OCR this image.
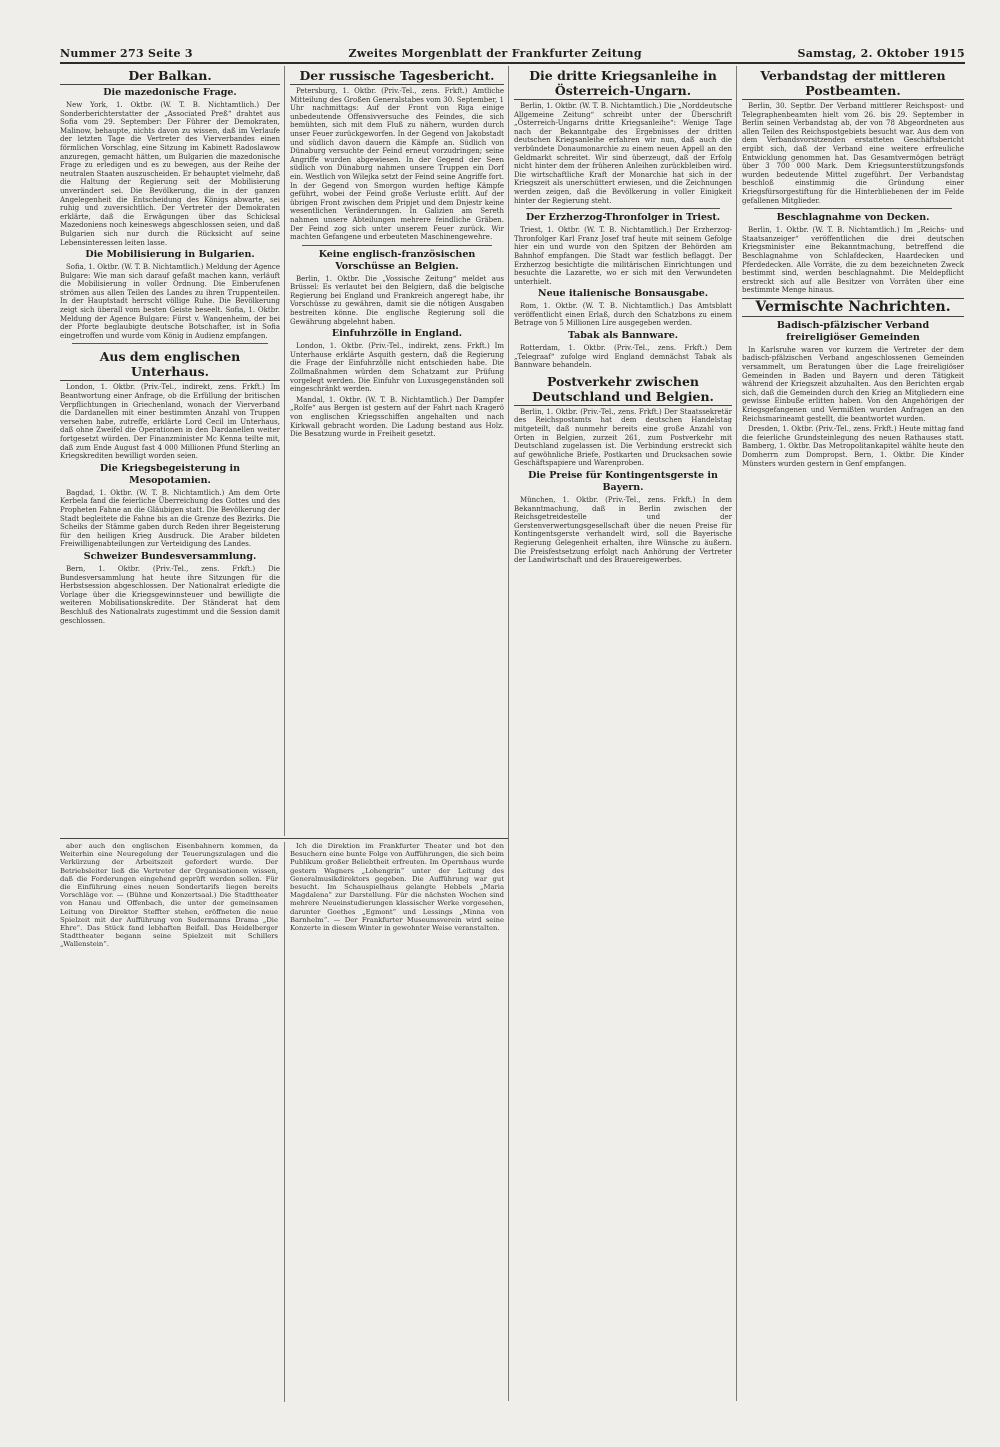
Nummer 273 Seite 3	Zweites Morgenblatt der Frankfurter Zeitung	Samstag, 2. Oktober 1915
Der Balkan.
Die mazedonische Frage.

New York, 1. Oktbr. (W. T. B. Nichtamtlich.) Der Sonderberichterstatter der „Associated Preß“ drahtet aus Sofia vom 29. September: Der Führer der Demokraten, Malinow, behaupte, nichts davon zu wissen, daß im Verlaufe der letzten Tage die Vertreter des Vierverbandes einen förmlichen Vorschlag, eine Sitzung im Kabinett Radoslawow anzuregen, gemacht hätten, um Bulgarien die mazedonische Frage zu erledigen und es zu bewegen, aus der Reihe der neutralen Staaten auszuscheiden. Er behauptet vielmehr, daß die Haltung der Regierung seit der Mobilisierung unverändert sei. Die Bevölkerung, die in der ganzen Angelegenheit die Entscheidung des Königs abwarte, sei ruhig und zuversichtlich. Der Vertreter der Demokraten erklärte, daß die Erwägungen über das Schicksal Mazedoniens noch keineswegs abgeschlossen seien, und daß Bulgarien sich nur durch die Rücksicht auf seine Lebensinteressen leiten lasse.

Die Mobilisierung in Bulgarien.

Sofia, 1. Oktbr. (W. T. B. Nichtamtlich.) Meldung der Agence Bulgare: Wie man sich darauf gefaßt machen kann, verläuft die Mobilisierung in voller Ordnung. Die Einberufenen strömen aus allen Teilen des Landes zu ihren Truppenteilen. In der Hauptstadt herrscht völlige Ruhe. Die Bevölkerung zeigt sich überall vom besten Geiste beseelt. Sofia, 1. Oktbr. Meldung der Agence Bulgare: Fürst v. Wangenheim, der bei der Pforte beglaubigte deutsche Botschafter, ist in Sofia eingetroffen und wurde vom König in Audienz empfangen.

Aus dem englischen Unterhaus.

London, 1. Oktbr. (Priv.-Tel., indirekt, zens. Frkft.) Im Beantwortung einer Anfrage, ob die Erfüllung der britischen Verpflichtungen in Griechenland, wonach der Vierverband die Dardanellen mit einer bestimmten Anzahl von Truppen versehen habe, zutreffe, erklärte Lord Cecil im Unterhaus, daß ohne Zweifel die Operationen in den Dardanellen weiter fortgesetzt würden. Der Finanzminister Mc Kenna teilte mit, daß zum Ende August fast 4 000 Millionen Pfund Sterling an Kriegskrediten bewilligt worden seien.

Die Kriegsbegeisterung in Mesopotamien.

Bagdad, 1. Oktbr. (W. T. B. Nichtamtlich.) Am dem Orte Kerbela fand die feierliche Überreichung des Gottes und des Propheten Fahne an die Gläubigen statt. Die Bevölkerung der Stadt begleitete die Fahne bis an die Grenze des Bezirks. Die Scheiks der Stämme gaben durch Reden ihrer Begeisterung für den heiligen Krieg Ausdruck. Die Araber bildeten Freiwilligenabteilungen zur Verteidigung des Landes.

Schweizer Bundesversammlung.

Bern, 1. Oktbr. (Priv.-Tel., zens. Frkft.) Die Bundesversammlung hat heute ihre Sitzungen für die Herbstsession abgeschlossen. Der Nationalrat erledigte die Vorlage über die Kriegsgewinnsteuer und bewilligte die weiteren Mobilisationskredite. Der Ständerat hat dem Beschluß des Nationalrats zugestimmt und die Session damit geschlossen.

Der russische Tagesbericht.

Petersburg, 1. Oktbr. (Priv.-Tel., zens. Frkft.) Amtliche Mitteilung des Großen Generalstabes vom 30. September, 1 Uhr nachmittags: Auf der Front von Riga einige unbedeutende Offensivversuche des Feindes, die sich bemühten, sich mit dem Fluß zu nähern, wurden durch unser Feuer zurückgeworfen. In der Gegend von Jakobstadt und südlich davon dauern die Kämpfe an. Südlich von Dünaburg versuchte der Feind erneut vorzudringen; seine Angriffe wurden abgewiesen. In der Gegend der Seen südlich von Dünaburg nahmen unsere Truppen ein Dorf ein. Westlich von Wilejka setzt der Feind seine Angriffe fort. In der Gegend von Smorgon wurden heftige Kämpfe geführt, wobei der Feind große Verluste erlitt. Auf der übrigen Front zwischen dem Pripjet und dem Dnjestr keine wesentlichen Veränderungen. In Galizien am Sereth nahmen unsere Abteilungen mehrere feindliche Gräben. Der Feind zog sich unter unserem Feuer zurück. Wir machten Gefangene und erbeuteten Maschinengewehre.

Keine englisch-französischen Vorschüsse an Belgien.

Berlin, 1. Oktbr. Die „Vossische Zeitung“ meldet aus Brüssel: Es verlautet bei den Belgiern, daß die belgische Regierung bei England und Frankreich angeregt habe, ihr Vorschüsse zu gewähren, damit sie die nötigen Ausgaben bestreiten könne. Die englische Regierung soll die Gewährung abgelehnt haben.

Einfuhrzölle in England.

London, 1. Oktbr. (Priv.-Tel., indirekt, zens. Frkft.) Im Unterhause erklärte Asquith gestern, daß die Regierung die Frage der Einfuhrzölle nicht entschieden habe. Die Zollmaßnahmen würden dem Schatzamt zur Prüfung vorgelegt werden. Die Einfuhr von Luxusgegenständen soll eingeschränkt werden.

Mandal, 1. Oktbr. (W. T. B. Nichtamtlich.) Der Dampfer „Rolfe“ aus Bergen ist gestern auf der Fahrt nach Kragerö von englischen Kriegsschiffen angehalten und nach Kirkwall gebracht worden. Die Ladung bestand aus Holz. Die Besatzung wurde in Freiheit gesetzt.

aber auch den englischen Eisenbahnern kommen, da Weiterhin eine Neuregelung der Teuerungszulagen und die Verkürzung der Arbeitszeit gefordert wurde. Der Betriebsleiter ließ die Vertreter der Organisationen wissen, daß die Forderungen eingehend geprüft werden sollen. Für die Einführung eines neuen Sondertarifs liegen bereits Vorschläge vor. — (Bühne und Konzertsaal.) Die Stadttheater von Hanau und Offenbach, die unter der gemeinsamen Leitung von Direktor Steffter stehen, eröffneten die neue Spielzeit mit der Aufführung von Sudermanns Drama „Die Ehre“. Das Stück fand lebhaften Beifall. Das Heidelberger Stadttheater begann seine Spielzeit mit Schillers „Wallenstein“.

Ich die Direktion im Frankfurter Theater und bot den Besuchern eine bunte Folge von Aufführungen, die sich beim Publikum großer Beliebtheit erfreuten. Im Opernhaus wurde gestern Wagners „Lohengrin“ unter der Leitung des Generalmusikdirektors gegeben. Die Aufführung war gut besucht. Im Schauspielhaus gelangte Hebbels „Maria Magdalena“ zur Darstellung. Für die nächsten Wochen sind mehrere Neueinstudierungen klassischer Werke vorgesehen, darunter Goethes „Egmont“ und Lessings „Minna von Barnhelm“. — Der Frankfurter Museumsverein wird seine Konzerte in diesem Winter in gewohnter Weise veranstalten.

Die dritte Kriegsanleihe in Österreich-Ungarn.

Berlin, 1. Oktbr. (W. T. B. Nichtamtlich.) Die „Norddeutsche Allgemeine Zeitung“ schreibt unter der Überschrift „Österreich-Ungarns dritte Kriegsanleihe“: Wenige Tage nach der Bekanntgabe des Ergebnisses der dritten deutschen Kriegsanleihe erfahren wir nun, daß auch die verbündete Donaumonarchie zu einem neuen Appell an den Geldmarkt schreitet. Wir sind überzeugt, daß der Erfolg nicht hinter dem der früheren Anleihen zurückbleiben wird. Die wirtschaftliche Kraft der Monarchie hat sich in der Kriegszeit als unerschüttert erwiesen, und die Zeichnungen werden zeigen, daß die Bevölkerung in voller Einigkeit hinter der Regierung steht.

Der Erzherzog-Thronfolger in Triest.

Triest, 1. Oktbr. (W. T. B. Nichtamtlich.) Der Erzherzog-Thronfolger Karl Franz Josef traf heute mit seinem Gefolge hier ein und wurde von den Spitzen der Behörden am Bahnhof empfangen. Die Stadt war festlich beflaggt. Der Erzherzog besichtigte die militärischen Einrichtungen und besuchte die Lazarette, wo er sich mit den Verwundeten unterhielt.

Neue italienische Bonsausgabe.

Rom, 1. Oktbr. (W. T. B. Nichtamtlich.) Das Amtsblatt veröffentlicht einen Erlaß, durch den Schatzbons zu einem Betrage von 5 Millionen Lire ausgegeben werden.

Tabak als Bannware.

Rotterdam, 1. Oktbr. (Priv.-Tel., zens. Frkft.) Dem „Telegraaf“ zufolge wird England demnächst Tabak als Bannware behandeln.

Postverkehr zwischen Deutschland und Belgien.

Berlin, 1. Oktbr. (Priv.-Tel., zens. Frkft.) Der Staatssekretär des Reichspostamts hat dem deutschen Handelstag mitgeteilt, daß nunmehr bereits eine große Anzahl von Orten in Belgien, zurzeit 261, zum Postverkehr mit Deutschland zugelassen ist. Die Verbindung erstreckt sich auf gewöhnliche Briefe, Postkarten und Drucksachen sowie Geschäftspapiere und Warenproben.

Die Preise für Kontingentsgerste in Bayern.

München, 1. Oktbr. (Priv.-Tel., zens. Frkft.) In dem Bekanntmachung, daß in Berlin zwischen der Reichsgetreidestelle und der Gerstenverwertungsgesellschaft über die neuen Preise für Kontingentsgerste verhandelt wird, soll die Bayerische Regierung Gelegenheit erhalten, ihre Wünsche zu äußern. Die Preisfestsetzung erfolgt nach Anhörung der Vertreter der Landwirtschaft und des Brauereigewerbes.

Verbandstag der mittleren Postbeamten.

Berlin, 30. Septbr. Der Verband mittlerer Reichspost- und Telegraphenbeamten hielt vom 26. bis 29. September in Berlin seinen Verbandstag ab, der von 78 Abgeordneten aus allen Teilen des Reichspostgebiets besucht war. Aus dem von dem Verbandsvorsitzenden erstatteten Geschäftsbericht ergibt sich, daß der Verband eine weitere erfreuliche Entwicklung genommen hat. Das Gesamtvermögen beträgt über 3 700 000 Mark. Dem Kriegsunterstützungsfonds wurden bedeutende Mittel zugeführt. Der Verbandstag beschloß einstimmig die Gründung einer Kriegsfürsorgestiftung für die Hinterbliebenen der im Felde gefallenen Mitglieder.

Beschlagnahme von Decken.

Berlin, 1. Oktbr. (W. T. B. Nichtamtlich.) Im „Reichs- und Staatsanzeiger“ veröffentlichen die drei deutschen Kriegsminister eine Bekanntmachung, betreffend die Beschlagnahme von Schlafdecken, Haardecken und Pferdedecken. Alle Vorräte, die zu dem bezeichneten Zweck bestimmt sind, werden beschlagnahmt. Die Meldepflicht erstreckt sich auf alle Besitzer von Vorräten über eine bestimmte Menge hinaus.

Vermischte Nachrichten.
Badisch-pfälzischer Verband freireligiöser Gemeinden

In Karlsruhe waren vor kurzem die Vertreter der dem badisch-pfälzischen Verband angeschlossenen Gemeinden versammelt, um Beratungen über die Lage freireligiöser Gemeinden in Baden und Bayern und deren Tätigkeit während der Kriegszeit abzuhalten. Aus den Berichten ergab sich, daß die Gemeinden durch den Krieg an Mitgliedern eine gewisse Einbuße erlitten haben. Von den Angehörigen der Kriegsgefangenen und Vermißten wurden Anfragen an den Reichsmarineamt gestellt, die beantwortet wurden.

Dresden, 1. Oktbr. (Priv.-Tel., zens. Frkft.) Heute mittag fand die feierliche Grundsteinlegung des neuen Rathauses statt. Bamberg, 1. Oktbr. Das Metropolitankapitel wählte heute den Domherrn zum Dompropst. Bern, 1. Oktbr. Die Kinder Münsters wurden gestern in Genf empfangen.
